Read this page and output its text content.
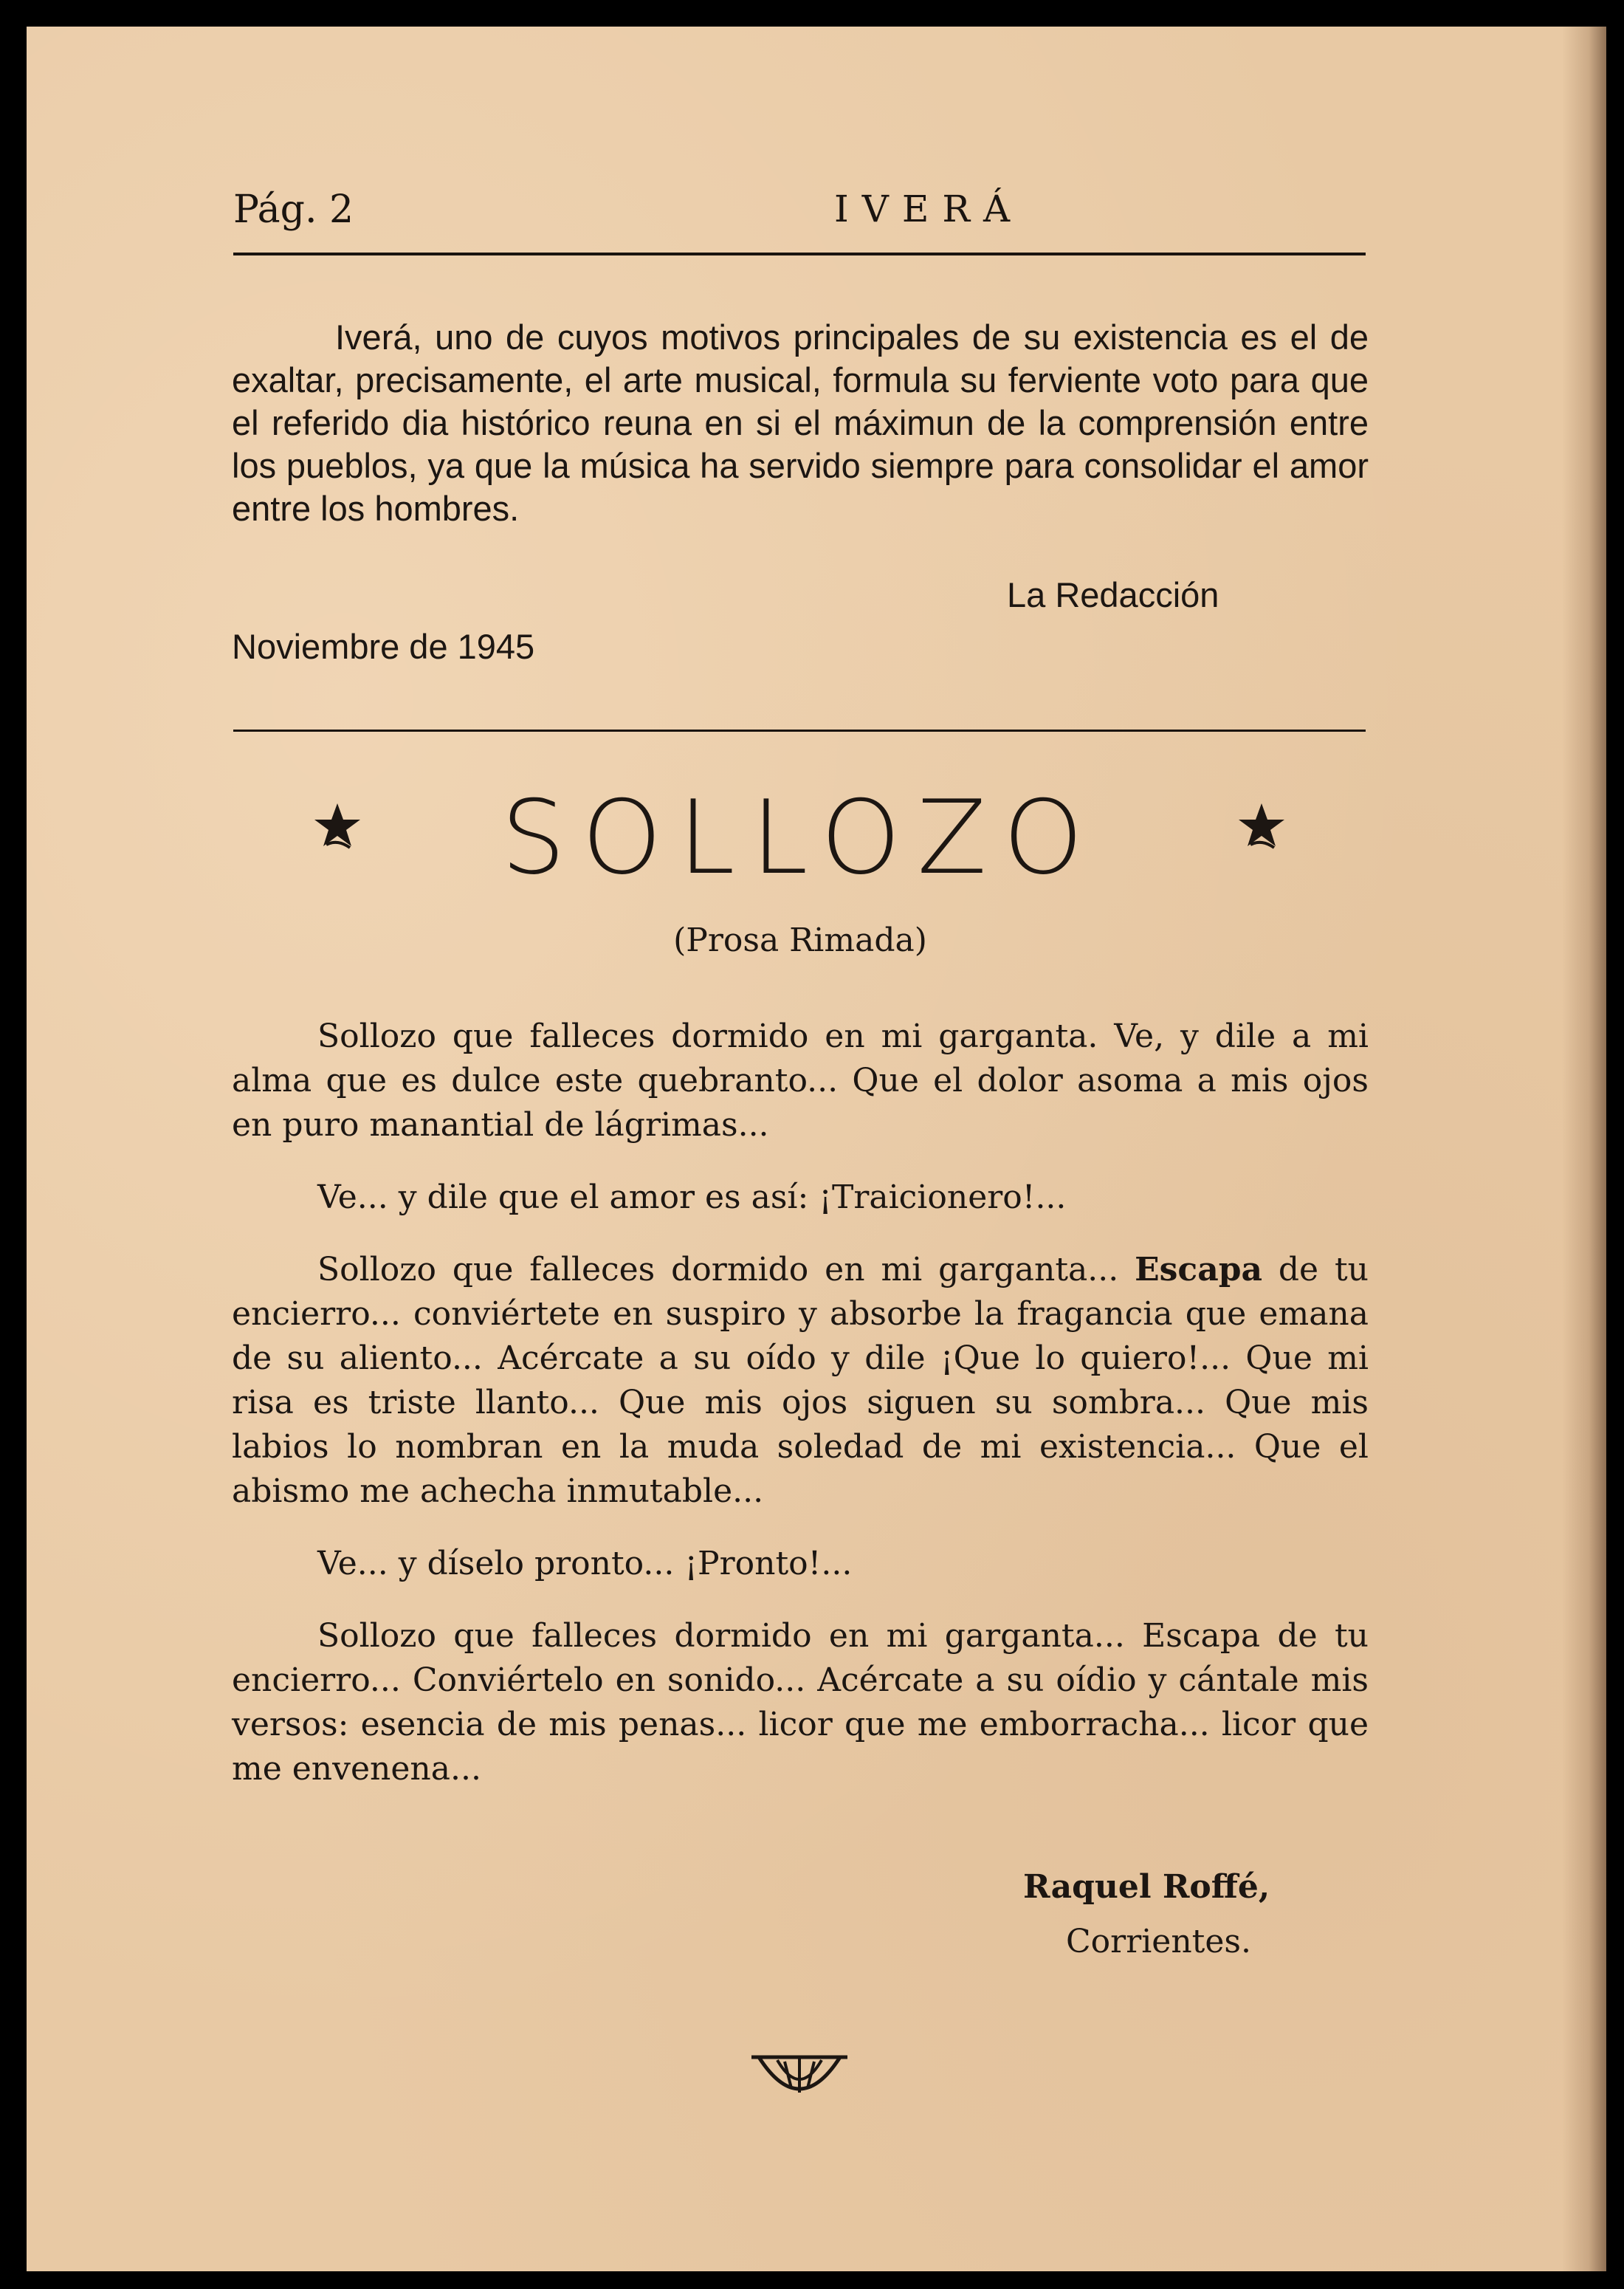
Pág. 2	IVERÁ
Iverá, uno de cuyos motivos principales de su existencia es el de exaltar, precisamente, el arte musical, formula su ferviente voto para que el referido dia histórico reuna en si el máximun de la comprensión entre los pueblos, ya que la música ha servido siempre para consolidar el amor entre los hombres.
La Redacción
Noviembre de 1945
SOLLOZO
(Prosa Rimada)

Sollozo que falleces dormido en mi garganta. Ve, y dile a mi alma que es dulce este quebranto... Que el dolor asoma a mis ojos en puro manantial de lágrimas...

Ve... y dile que el amor es así: ¡Traicionero!...

Sollozo que falleces dormido en mi garganta... Escapa de tu encierro... conviértete en suspiro y absorbe la fragancia que emana de su aliento... Acércate a su oído y dile ¡Que lo quiero!... Que mi risa es triste llanto... Que mis ojos siguen su sombra... Que mis labios lo nombran en la muda soledad de mi existencia... Que el abismo me achecha inmutable...

Ve... y díselo pronto... ¡Pronto!...

Sollozo que falleces dormido en mi garganta... Escapa de tu encierro... Conviértelo en sonido... Acércate a su oídio y cántale mis versos: esencia de mis penas... licor que me emborracha... licor que me envenena...

Raquel Roffé,
Corrientes.
